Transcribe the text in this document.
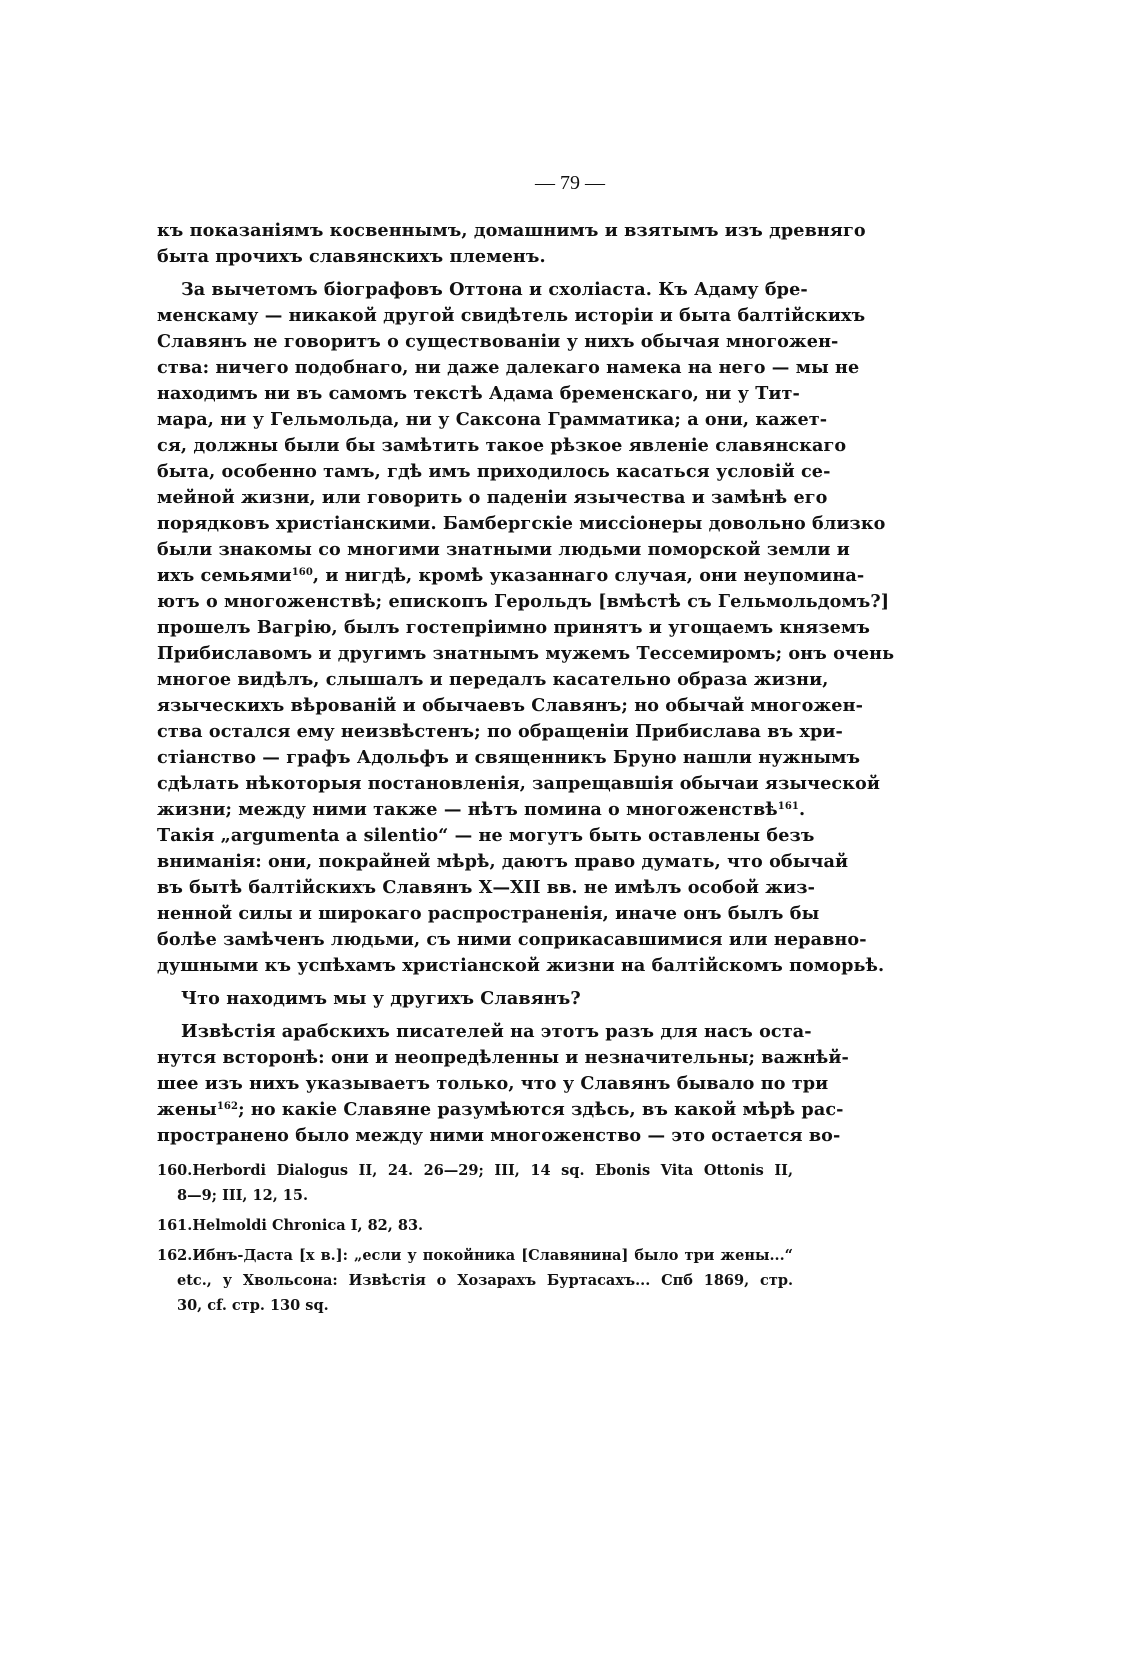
— 79 —
къ показаніямъ косвеннымъ, домашнимъ и взятымъ изъ древняго
быта прочихъ славянскихъ племенъ.
За вычетомъ біографовъ Оттона и схоліаста. Къ Адаму бре-
менскаму — никакой другой свидѣтель исторіи и быта балтійскихъ
Славянъ не говоритъ о существованіи у нихъ обычая многожен-
ства: ничего подобнаго, ни даже далекаго намека на него — мы не
находимъ ни въ самомъ текстѣ Адама бременскаго, ни у Тит-
мара, ни у Гельмольда, ни у Саксона Грамматика; а они, кажет-
ся, должны были бы замѣтить такое рѣзкое явленіе славянскаго
быта, особенно тамъ, гдѣ имъ приходилось касаться условій се-
мейной жизни, или говорить о паденіи язычества и замѣнѣ его
порядковъ христіанскими. Бамбергскіе миссіонеры довольно близко
были знакомы со многими знатными людьми поморской земли и
ихъ семьями$^{160}$, и нигдѣ, кромѣ указаннаго случая, они неупомина-
ютъ о многоженствѣ; епископъ Герольдъ [вмѣстѣ съ Гельмольдомъ?]
прошелъ Вагрію, былъ гостепріимно принятъ и угощаемъ княземъ
Прибиславомъ и другимъ знатнымъ мужемъ Тессемиромъ; онъ очень
многое видѣлъ, слышалъ и передалъ касательно образа жизни,
языческихъ вѣрованій и обычаевъ Славянъ; но обычай многожен-
ства остался ему неизвѣстенъ; по обращеніи Прибислава въ хри-
стіанство — графъ Адольфъ и священникъ Бруно нашли нужнымъ
сдѣлать нѣкоторыя постановленія, запрещавшія обычаи языческой
жизни; между ними также — нѣтъ помина о многоженствѣ$^{161}$.
Такія „argumenta a silentio“ — не могутъ быть оставлены безъ
вниманія: они, покрайней мѣрѣ, даютъ право думать, что обычай
въ бытѣ балтійскихъ Славянъ X—XII вв. не имѣлъ особой жиз-
ненной силы и широкаго распространенія, иначе онъ былъ бы
болѣе замѣченъ людьми, съ ними соприкасавшимися или неравно-
душными къ успѣхамъ христіанской жизни на балтійскомъ поморьѣ.
Что находимъ мы у другихъ Славянъ?
Извѣстія арабскихъ писателей на этотъ разъ для насъ оста-
нутся всторонѣ: они и неопредѣленны и незначительны; важнѣй-
шее изъ нихъ указываетъ только, что у Славянъ бывало по три
жены$^{162}$; но какіе Славяне разумѣются здѣсь, въ какой мѣрѣ рас-
пространено было между ними многоженство — это остается во-
160.Herbordi Dialogus II, 24. 26—29; III, 14 sq. Ebonis Vita Ottonis II,
8—9; III, 12, 15.
161.Helmoldi Chronica I, 82, 83.
162.Ибнъ-Даста [x в.]: „если у покойника [Славянина] было три жены...“
etc., у Хвольсона: Извѣстія о Хозарахъ Буртасахъ... Спб 1869, стр.
30, cf. стр. 130 sq.
